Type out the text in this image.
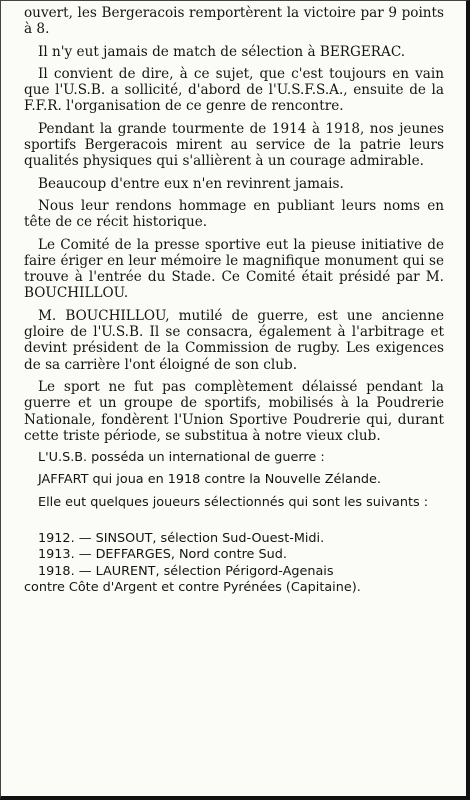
ouvert, les Bergeracois remportèrent la victoire par 9 points à 8.

Il n'y eut jamais de match de sélection à BERGERAC.

Il convient de dire, à ce sujet, que c'est toujours en vain que l'U.S.B. a sollicité, d'abord de l'U.S.F.S.A., ensuite de la F.F.R. l'organisation de ce genre de rencontre.

Pendant la grande tourmente de 1914 à 1918, nos jeunes sportifs Bergeracois mirent au service de la patrie leurs qualités physiques qui s'allièrent à un courage admirable.

Beaucoup d'entre eux n'en revinrent jamais.

Nous leur rendons hommage en publiant leurs noms en tête de ce récit historique.

Le Comité de la presse sportive eut la pieuse initiative de faire ériger en leur mémoire le magnifique monument qui se trouve à l'entrée du Stade. Ce Comité était présidé par M. BOUCHILLOU.

M. BOUCHILLOU, mutilé de guerre, est une ancienne gloire de l'U.S.B. Il se consacra, également à l'arbitrage et devint président de la Commission de rugby. Les exigences de sa carrière l'ont éloigné de son club.

Le sport ne fut pas complètement délaissé pendant la guerre et un groupe de sportifs, mobilisés à la Poudrerie Nationale, fondèrent l'Union Sportive Poudrerie qui, durant cette triste période, se substitua à notre vieux club.

L'U.S.B. posséda un international de guerre :

JAFFART qui joua en 1918 contre la Nouvelle Zélande.

Elle eut quelques joueurs sélectionnés qui sont les suivants :

1912. — SINSOUT, sélection Sud-Ouest-Midi.

1913. — DEFFARGES, Nord contre Sud.

1918. — LAURENT, sélection Périgord-Agenais

contre Côte d'Argent et contre Pyrénées (Capitaine).
